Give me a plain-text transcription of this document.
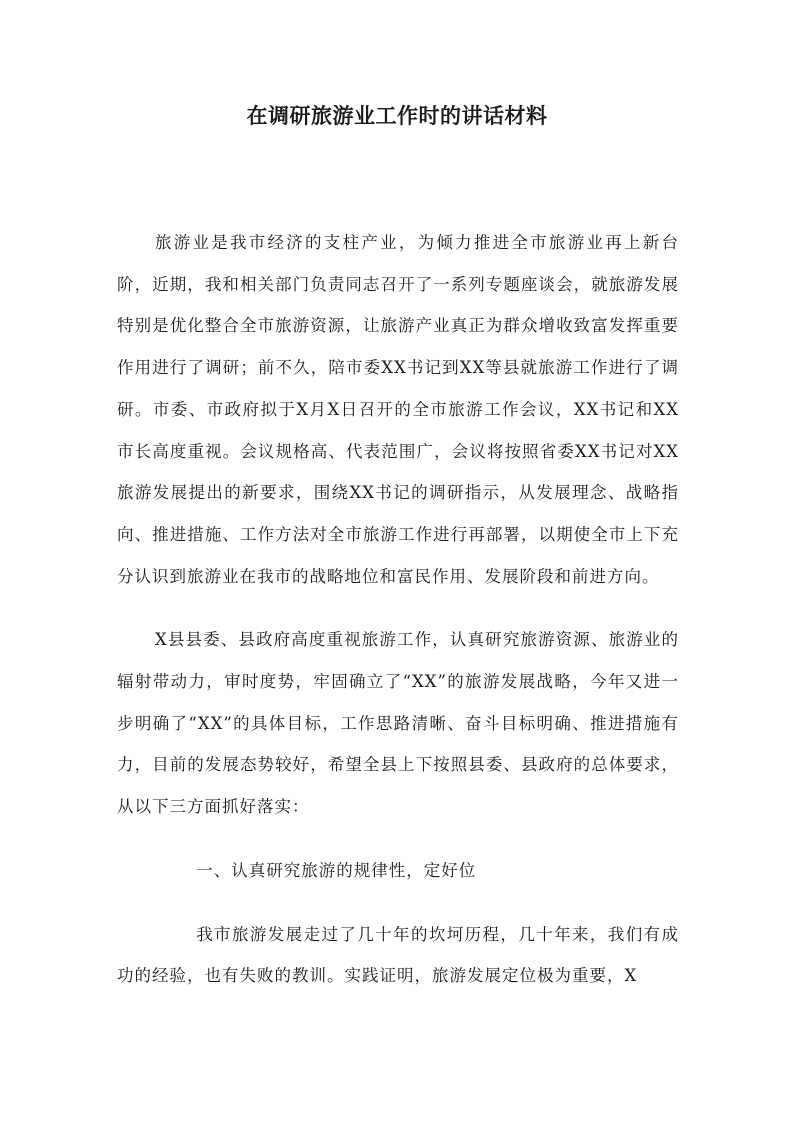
在调研旅游业工作时的讲话材料

旅游业是我市经济的支柱产业，为倾力推进全市旅游业再上新台阶，近期，我和相关部门负责同志召开了一系列专题座谈会，就旅游发展特别是优化整合全市旅游资源，让旅游产业真正为群众增收致富发挥重要作用进行了调研；前不久，陪市委XX书记到XX等县就旅游工作进行了调研。市委、市政府拟于X月X日召开的全市旅游工作会议，XX书记和XX市长高度重视。会议规格高、代表范围广，会议将按照省委XX书记对XX旅游发展提出的新要求，围绕XX书记的调研指示，从发展理念、战略指向、推进措施、工作方法对全市旅游工作进行再部署，以期使全市上下充分认识到旅游业在我市的战略地位和富民作用、发展阶段和前进方向。

X县县委、县政府高度重视旅游工作，认真研究旅游资源、旅游业的辐射带动力，审时度势，牢固确立了“XX”的旅游发展战略，今年又进一步明确了“XX”的具体目标，工作思路清晰、奋斗目标明确、推进措施有力，目前的发展态势较好，希望全县上下按照县委、县政府的总体要求，从以下三方面抓好落实：

一、认真研究旅游的规律性，定好位

我市旅游发展走过了几十年的坎坷历程，几十年来，我们有成功的经验，也有失败的教训。实践证明，旅游发展定位极为重要，X
